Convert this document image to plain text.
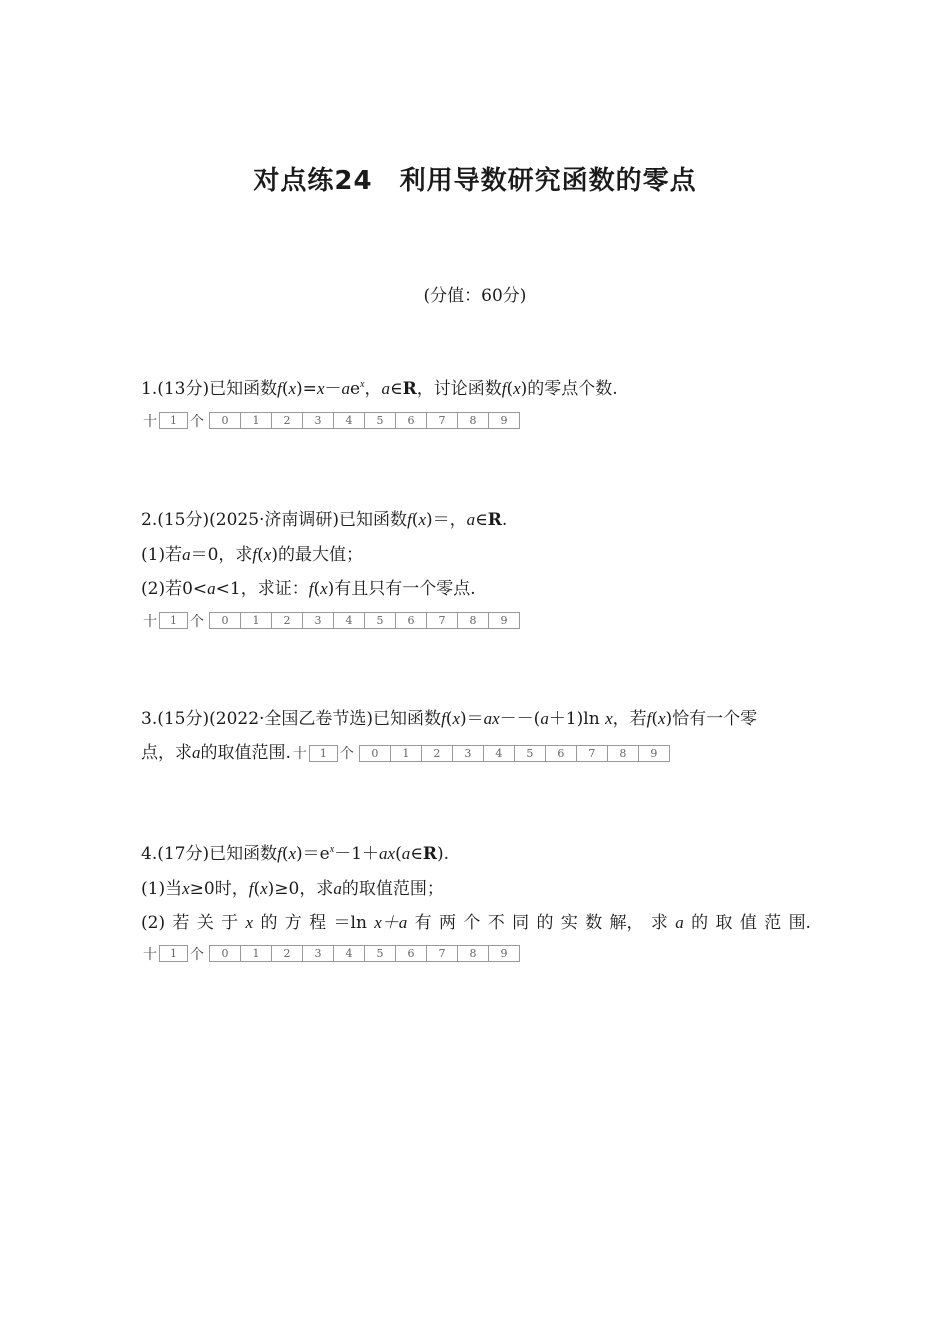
对点练24　利用导数研究函数的零点
(分值：60分)
1.(13分)已知函数$f(x)=x-ae^x$，a∈R，讨论函数f(x)的零点个数.
十	1 个	0	1	2	3	4	5	6	7	8	9
2.(15分)(2025·济南调研)已知函数f(x)＝，a∈R.
(1)若a＝0，求f(x)的最大值；
(2)若0<a<1，求证：f(x)有且只有一个零点.
十	1 个	0	1	2	3	4	5	6	7	8	9
3.(15分)(2022·全国乙卷节选)已知函数f(x)＝ax－－(a＋1)ln x，若f(x)恰有一个零
点，求a的取值范围. 十	1 个	0	1	2	3	4	5	6	7	8	9
4.(17分)已知函数$f(x)=e^x-1+ax(a\in R)$.
(1)当x≥0时，f(x)≥0，求a的取值范围；
(2) 若 关 于 x 的 方 程 ＝ln x＋a 有 两 个 不 同 的 实 数 解， 求 a 的 取 值 范 围.
十	1 个	0	1	2	3	4	5	6	7	8	9
